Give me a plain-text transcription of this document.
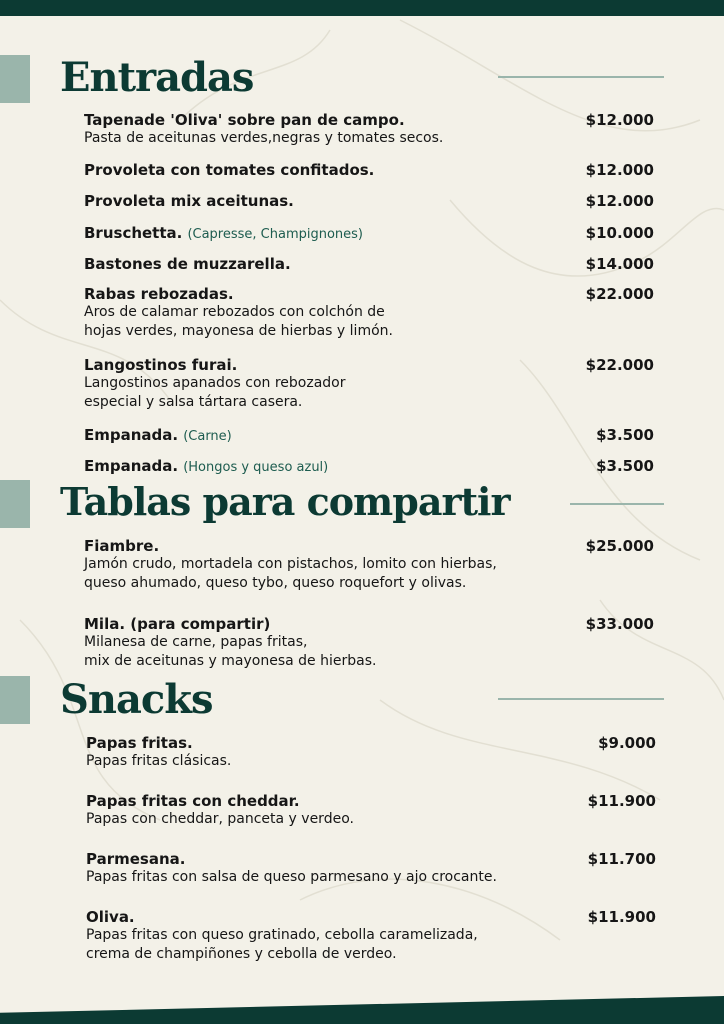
Entradas
Tapenade 'Oliva' sobre pan de campo.	$12.000
Pasta de aceitunas verdes,negras y tomates secos.
Provoleta con tomates confitados.	$12.000
Provoleta mix aceitunas.	$12.000
Bruschetta. (Capresse, Champignones)	$10.000
Bastones de muzzarella.	$14.000
Rabas rebozadas.	$22.000
Aros de calamar rebozados con colchón de
hojas verdes, mayonesa de hierbas y limón.
Langostinos furai.	$22.000
Langostinos apanados con rebozador
especial y salsa tártara casera.
Empanada. (Carne)	$3.500
Empanada. (Hongos y queso azul)	$3.500
Tablas para compartir
Fiambre.	$25.000
Jamón crudo, mortadela con pistachos, lomito con hierbas,
queso ahumado, queso tybo, queso roquefort y olivas.
Mila. (para compartir)	$33.000
Milanesa de carne, papas fritas,
mix de aceitunas y mayonesa de hierbas.
Snacks
Papas fritas.	$9.000
Papas fritas clásicas.
Papas fritas con cheddar.	$11.900
Papas con cheddar, panceta y verdeo.
Parmesana.	$11.700
Papas fritas con salsa de queso parmesano y ajo crocante.
Oliva.	$11.900
Papas fritas con queso gratinado, cebolla caramelizada,
crema de champiñones y cebolla de verdeo.
